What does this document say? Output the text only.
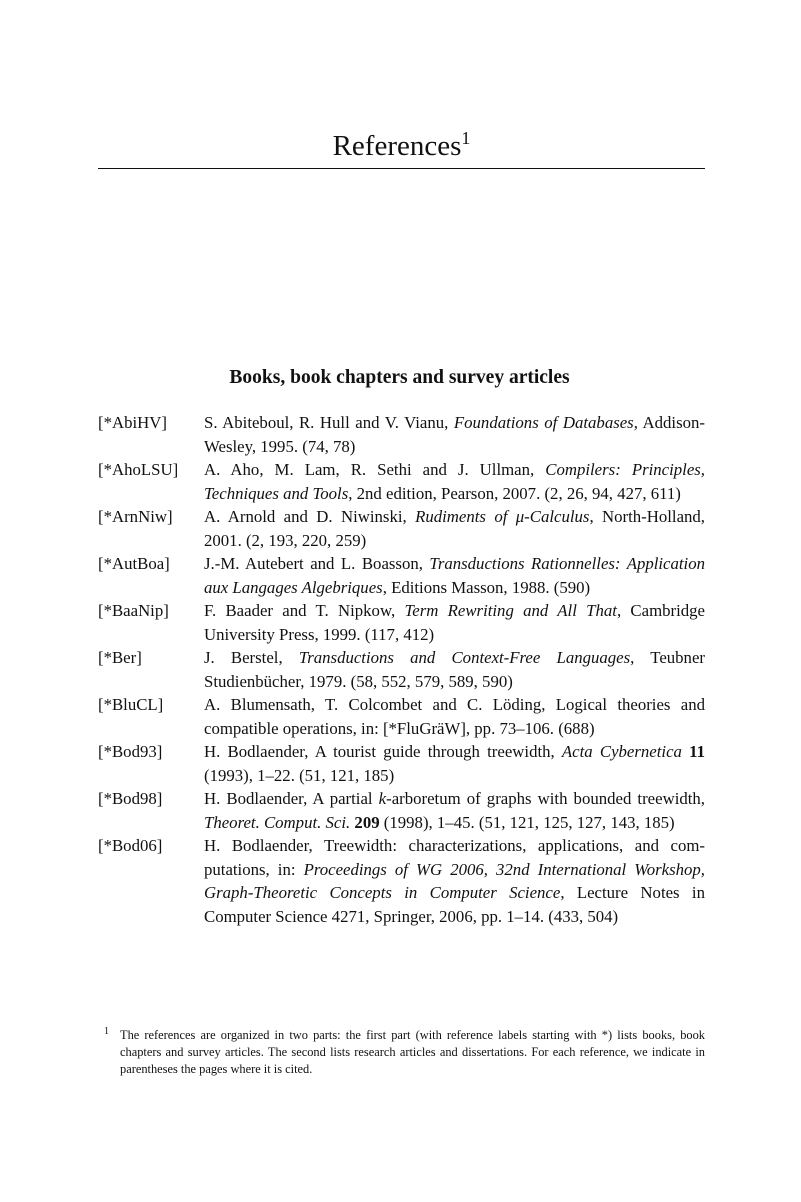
References$^1$
Books, book chapters and survey articles
[*AbiHV]	S. Abiteboul, R. Hull and V. Vianu, Foundations of Databases, Addison-Wesley, 1995. (74, 78)
[*AhoLSU]	A. Aho, M. Lam, R. Sethi and J. Ullman, Compilers: Principles, Techniques and Tools, 2nd edition, Pearson, 2007. (2, 26, 94, 427, 611)
[*ArnNiw]	A. Arnold and D. Niwinski, Rudiments of μ-Calculus, North-Holland, 2001. (2, 193, 220, 259)
[*AutBoa]	J.-M. Autebert and L. Boasson, Transductions Rationnelles: Application aux Langages Algebriques, Editions Masson, 1988. (590)
[*BaaNip]	F. Baader and T. Nipkow, Term Rewriting and All That, Cambridge University Press, 1999. (117, 412)
[*Ber]	J. Berstel, Transductions and Context-Free Languages, Teubner Studienbücher, 1979. (58, 552, 579, 589, 590)
[*BluCL]	A. Blumensath, T. Colcombet and C. Löding, Logical theories and compatible operations, in: [*FluGräW], pp. 73–106. (688)
[*Bod93]	H. Bodlaender, A tourist guide through treewidth, Acta Cybernetica 11 (1993), 1–22. (51, 121, 185)
[*Bod98]	H. Bodlaender, A partial k-arboretum of graphs with bounded treewidth, Theoret. Comput. Sci. 209 (1998), 1–45. (51, 121, 125, 127, 143, 185)
[*Bod06]	H. Bodlaender, Treewidth: characterizations, applications, and computations, in: Proceedings of WG 2006, 32nd International Workshop, Graph-Theoretic Concepts in Computer Science, Lecture Notes in Computer Science 4271, Springer, 2006, pp. 1–14. (433, 504)
1 The references are organized in two parts: the first part (with reference labels starting with *) lists books, book chapters and survey articles. The second lists research articles and dissertations. For each reference, we indicate in parentheses the pages where it is cited.
